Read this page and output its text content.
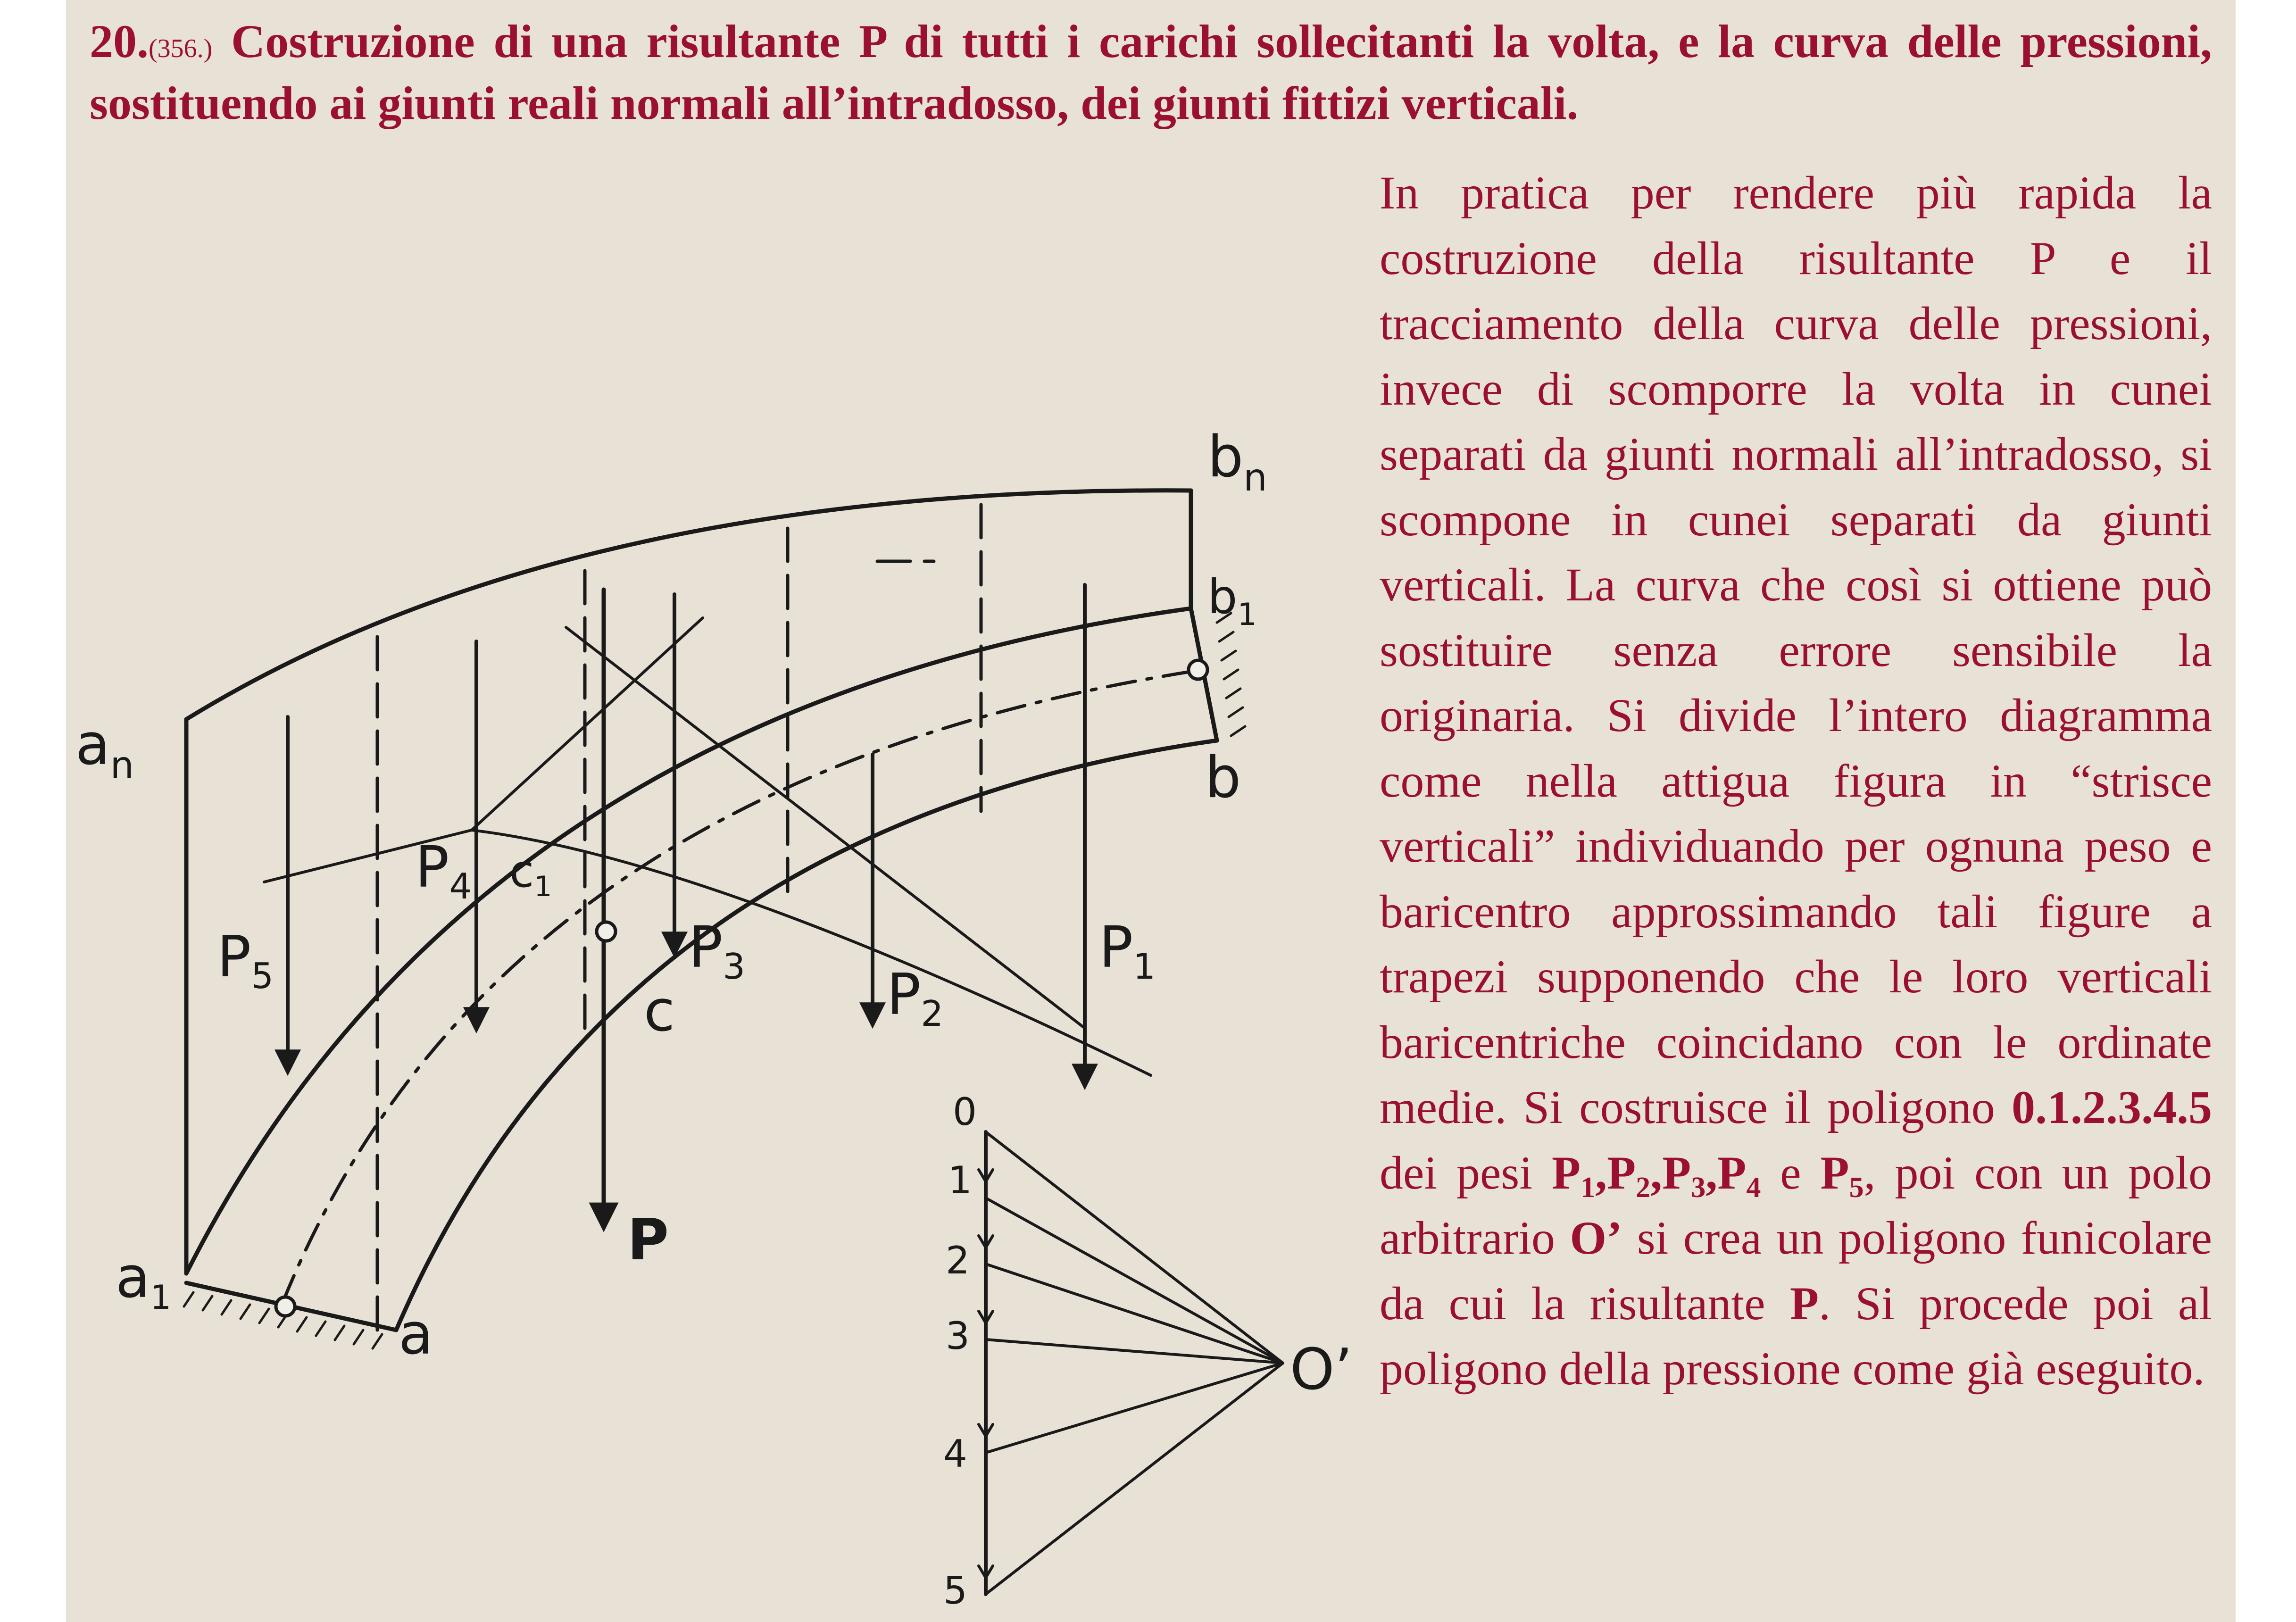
20.(356.) Costruzione di una risultante P di tutti i carichi sollecitanti la volta, e la curva delle pressioni, sostituendo ai giunti reali normali all’intradosso, dei giunti fittizi verticali.
$b_n$
$b_1$
b
$a_n$
$a_1$
a
$c_1$
c
P
$P_1$
$P_2$
$P_3$
$P_4$
$P_5$
O’
0
1
2
3
4
5
In pratica per rendere più rapida la costruzione della risultante P e il tracciamento della curva delle pressioni, invece di scomporre la volta in cunei separati da giunti normali all’intradosso, si scompone in cunei separati da giunti verticali. La curva che così si ottiene può sostituire senza errore sensibile la originaria. Si divide l’intero diagramma come nella attigua figura in “strisce verticali” individuando per ognuna peso e baricentro approssimando tali figure a trapezi supponendo che le loro verticali baricentriche coincidano con le ordinate medie. Si costruisce il poligono 0.1.2.3.4.5 dei pesi $P_1,P_2,P_3,P_4$ e $P_5$, poi con un polo arbitrario O’ si crea un poligono funicolare da cui la risultante P. Si procede poi al poligono della pressione come già eseguito.
